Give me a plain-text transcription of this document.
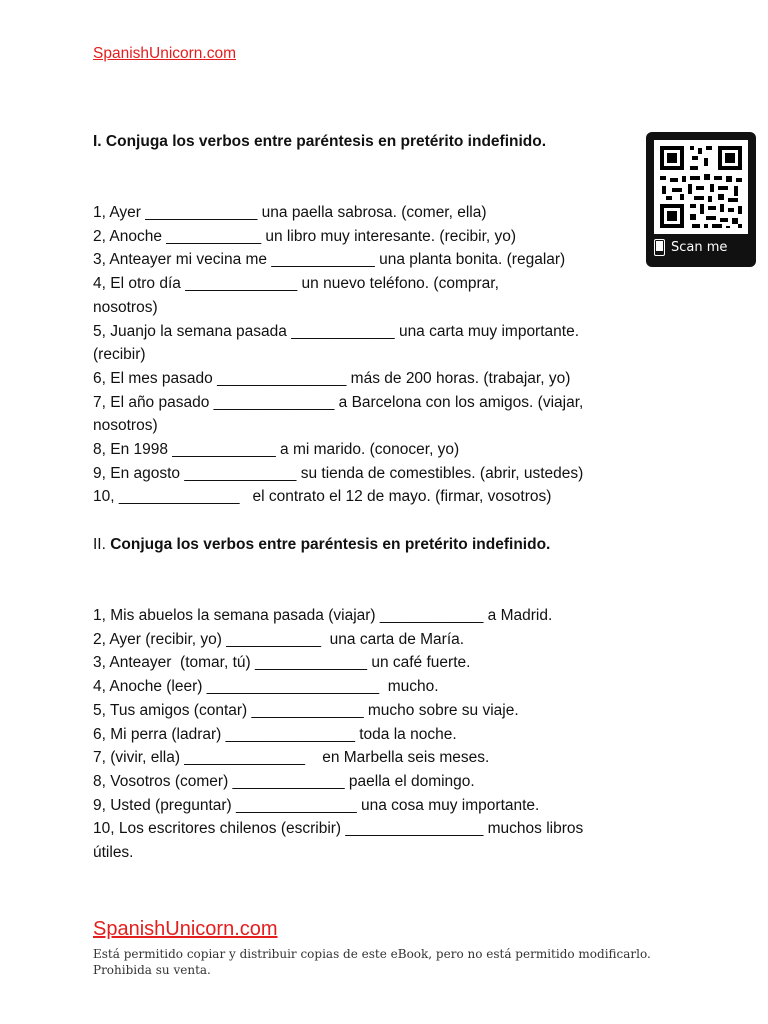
SpanishUnicorn.com
I. Conjuga los verbos entre paréntesis en pretérito indefinido.
Scan me
1, Ayer _____________ una paella sabrosa. (comer, ella)
2, Anoche ___________ un libro muy interesante. (recibir, yo)
3, Anteayer mi vecina me ____________ una planta bonita. (regalar)
4, El otro día _____________ un nuevo teléfono. (comprar,
nosotros)
5, Juanjo la semana pasada ____________ una carta muy importante.
(recibir)
6, El mes pasado _______________ más de 200 horas. (trabajar, yo)
7, El año pasado ______________ a Barcelona con los amigos. (viajar,
nosotros)
8, En 1998 ____________ a mi marido. (conocer, yo)
9, En agosto _____________ su tienda de comestibles. (abrir, ustedes)
10, ______________   el contrato el 12 de mayo. (firmar, vosotros)
II. Conjuga los verbos entre paréntesis en pretérito indefinido.
1, Mis abuelos la semana pasada (viajar) ____________ a Madrid.
2, Ayer (recibir, yo) ___________  una carta de María.
3, Anteayer  (tomar, tú) _____________ un café fuerte.
4, Anoche (leer) ____________________  mucho.
5, Tus amigos (contar) _____________ mucho sobre su viaje.
6, Mi perra (ladrar) _______________ toda la noche.
7, (vivir, ella) ______________    en Marbella seis meses.
8, Vosotros (comer) _____________ paella el domingo.
9, Usted (preguntar) ______________ una cosa muy importante.
10, Los escritores chilenos (escribir) ________________ muchos libros
útiles.
SpanishUnicorn.com
Está permitido copiar y distribuir copias de este eBook, pero no está permitido modificarlo. Prohibida su venta.
